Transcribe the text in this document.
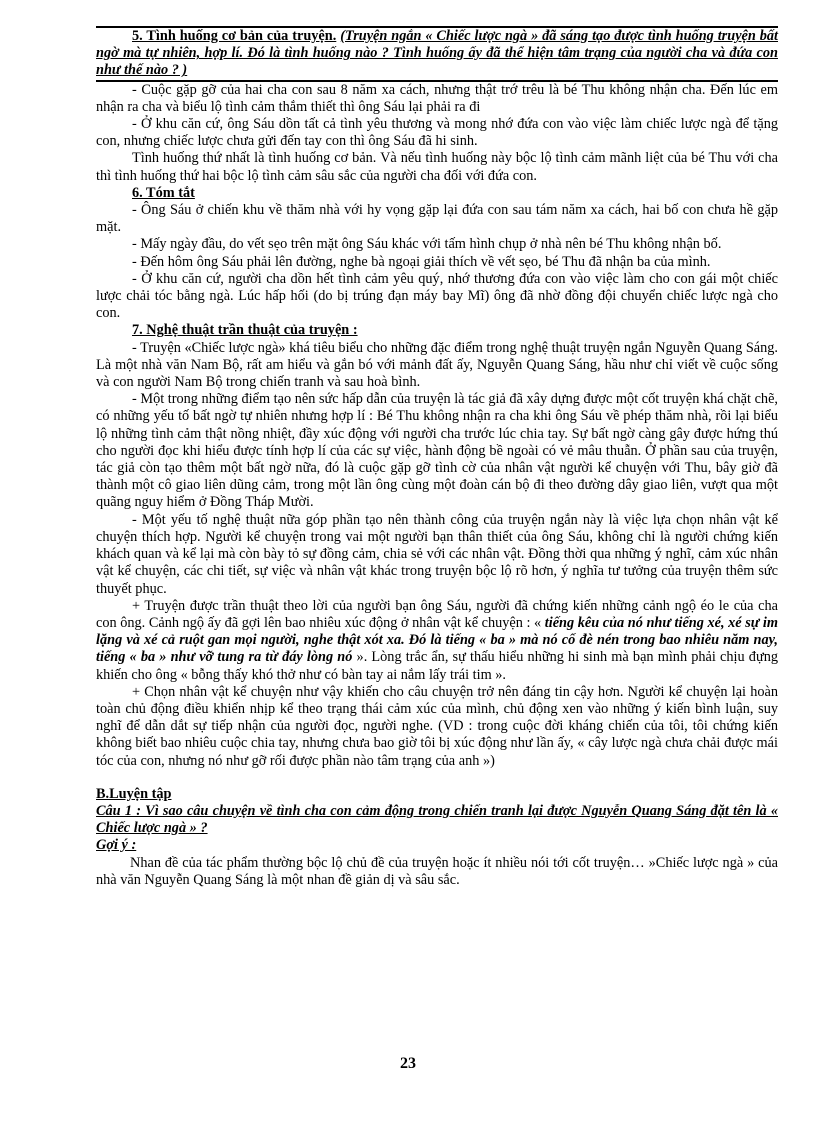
5. Tình huống cơ bản của truyện. (Truyện ngắn « Chiếc lược ngà » đã sáng tạo được tình huống truyện bất ngờ mà tự nhiên, hợp lí. Đó là tình huống nào ? Tình huống ấy đã thể hiện tâm trạng của người cha và đứa con như thế nào ? )

- Cuộc gặp gỡ của hai cha con sau 8 năm xa cách, nhưng thật trớ trêu là bé Thu không nhận cha. Đến lúc em nhận ra cha và biểu lộ tình cảm thắm thiết thì ông Sáu lại phải ra đi

- Ở khu căn cứ, ông Sáu dồn tất cả tình yêu thương và mong nhớ đứa con vào việc làm chiếc lược ngà để tặng con, nhưng chiếc lược chưa gửi đến tay con thì ông Sáu đã hi sinh.

Tình huống thứ nhất là tình huống cơ bản. Và nếu tình huống này bộc lộ tình cảm mãnh liệt của bé Thu với cha thì tình huống thứ hai bộc lộ tình cảm sâu sắc của người cha đối với đứa con.

6. Tóm tắt

- Ông Sáu ở chiến khu về thăm nhà với hy vọng gặp lại đứa con sau tám năm xa cách, hai bố con chưa hề gặp mặt.

- Mấy ngày đầu, do vết sẹo trên mặt ông Sáu khác với tấm hình chụp ở nhà nên bé Thu không nhận bố.

- Đến hôm ông Sáu phải lên đường, nghe bà ngoại giải thích về vết sẹo, bé Thu đã nhận ba của mình.

- Ở khu căn cứ, người cha dồn hết tình cảm yêu quý, nhớ thương đứa con vào việc làm cho con gái một chiếc lược chải tóc bằng ngà. Lúc hấp hối (do bị trúng đạn máy bay Mĩ) ông đã nhờ đồng đội chuyển chiếc lược ngà cho con.

7. Nghệ thuật trần thuật của truyện :

- Truyện «Chiếc lược ngà» khá tiêu biểu cho những đặc điểm trong nghệ thuật truyện ngắn Nguyễn Quang Sáng. Là một nhà văn Nam Bộ, rất am hiểu và gắn bó với mảnh đất ấy, Nguyễn Quang Sáng, hầu như chỉ viết về cuộc sống và con người Nam Bộ trong chiến tranh và sau hoà bình.

- Một trong những điểm tạo nên sức hấp dẫn của truyện là tác giả đã xây dựng được một cốt truyện khá chặt chẽ, có những yếu tố bất ngờ tự nhiên nhưng hợp lí : Bé Thu không nhận ra cha khi ông Sáu về phép thăm nhà, rồi lại biểu lộ những tình cảm thật nồng nhiệt, đầy xúc động với người cha trước lúc chia tay. Sự bất ngờ càng gây được hứng thú cho người đọc khi hiểu được tính hợp lí của các sự việc, hành động bề ngoài có vẻ mâu thuẫn. Ở phần sau của truyện, tác giả còn tạo thêm một bất ngờ nữa, đó là cuộc gặp gỡ tình cờ của nhân vật người kể chuyện với Thu, bây giờ đã thành một cô giao liên dũng cảm, trong một lần ông cùng một đoàn cán bộ đi theo đường dây giao liên, vượt qua một quãng nguy hiểm ở Đồng Tháp Mười.

- Một yếu tố nghệ thuật nữa góp phần tạo nên thành công của truyện ngắn này là việc lựa chọn nhân vật kể chuyện thích hợp. Người kể chuyện trong vai một người bạn thân thiết của ông Sáu, không chỉ là người chứng kiến khách quan và kể lại mà còn bày tỏ sự đồng cảm, chia sẻ với các nhân vật. Đồng thời qua những ý nghĩ, cảm xúc nhân vật kể chuyện, các chi tiết, sự việc và nhân vật khác trong truyện bộc lộ rõ hơn, ý nghĩa tư tưởng của truyện thêm sức thuyết phục.

+ Truyện được trần thuật theo lời của người bạn ông Sáu, người đã chứng kiến những cảnh ngộ éo le của cha con ông. Cảnh ngộ ấy đã gợi lên bao nhiêu xúc động ở nhân vật kể chuyện : « tiếng kêu của nó như tiếng xé, xé sự im lặng và xé cả ruột gan mọi người, nghe thật xót xa. Đó là tiếng « ba » mà nó cố đè nén trong bao nhiêu năm nay, tiếng « ba » như vỡ tung ra từ đáy lòng nó ». Lòng trắc ẩn, sự thấu hiểu những hi sinh mà bạn mình phải chịu đựng khiến cho ông « bỗng thấy khó thở như có bàn tay ai nắm lấy trái tim ».

+ Chọn nhân vật kể chuyện như vậy khiến cho câu chuyện trở nên đáng tin cậy hơn. Người kể chuyện lại hoàn toàn chủ động điều khiển nhịp kể theo trạng thái cảm xúc của mình, chủ động xen vào những ý kiến bình luận, suy nghĩ để dẫn dắt sự tiếp nhận của người đọc, người nghe. (VD : trong cuộc đời kháng chiến của tôi, tôi chứng kiến không biết bao nhiêu cuộc chia tay, nhưng chưa bao giờ tôi bị xúc động như lần ấy, « cây lược ngà chưa chải được mái tóc của con, nhưng nó như gỡ rối được phần nào tâm trạng của anh »)

B.Luyện tập

Câu 1 : Vì sao câu chuyện về tình cha con cảm động trong chiến tranh lại được Nguyễn Quang Sáng đặt tên là « Chiếc lược ngà » ?

Gợi ý :

Nhan đề của tác phẩm thường bộc lộ chủ đề của truyện hoặc ít nhiều nói tới cốt truyện… »Chiếc lược ngà » của nhà văn Nguyễn Quang Sáng là một nhan đề giản dị và sâu sắc.

23
